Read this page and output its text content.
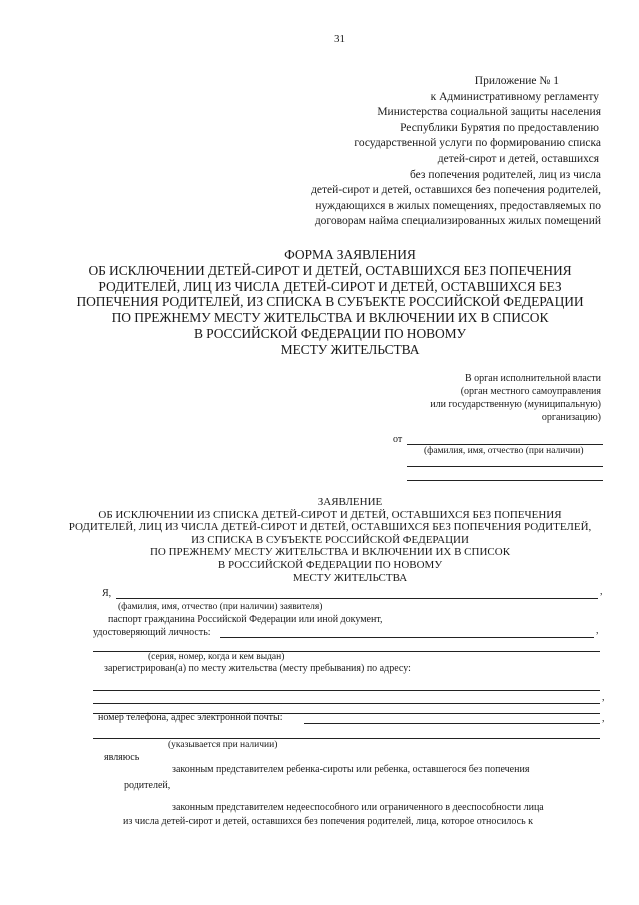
31
Приложение № 1
к Административному регламенту
Министерства социальной защиты населения
Республики Бурятия по предоставлению
государственной услуги по формированию списка
детей-сирот и детей, оставшихся
без попечения родителей, лиц из числа
детей-сирот и детей, оставшихся без попечения родителей,
нуждающихся в жилых помещениях, предоставляемых по
договорам найма специализированных жилых помещений
ФОРМА ЗАЯВЛЕНИЯ
ОБ ИСКЛЮЧЕНИИ ДЕТЕЙ-СИРОТ И ДЕТЕЙ, ОСТАВШИХСЯ БЕЗ ПОПЕЧЕНИЯ
РОДИТЕЛЕЙ, ЛИЦ ИЗ ЧИСЛА ДЕТЕЙ-СИРОТ И ДЕТЕЙ, ОСТАВШИХСЯ БЕЗ
ПОПЕЧЕНИЯ РОДИТЕЛЕЙ, ИЗ СПИСКА В СУБЪЕКТЕ РОССИЙСКОЙ ФЕДЕРАЦИИ
ПО ПРЕЖНЕМУ МЕСТУ ЖИТЕЛЬСТВА И ВКЛЮЧЕНИИ ИХ В СПИСОК
В РОССИЙСКОЙ ФЕДЕРАЦИИ ПО НОВОМУ
МЕСТУ ЖИТЕЛЬСТВА
В орган исполнительной власти
(орган местного самоуправления
или государственную (муниципальную)
организацию)
от
(фамилия, имя, отчество (при наличии)
ЗАЯВЛЕНИЕ
ОБ ИСКЛЮЧЕНИИ ИЗ СПИСКА ДЕТЕЙ-СИРОТ И ДЕТЕЙ, ОСТАВШИХСЯ БЕЗ ПОПЕЧЕНИЯ
РОДИТЕЛЕЙ, ЛИЦ ИЗ ЧИСЛА ДЕТЕЙ-СИРОТ И ДЕТЕЙ, ОСТАВШИХСЯ БЕЗ ПОПЕЧЕНИЯ РОДИТЕЛЕЙ,
ИЗ СПИСКА В СУБЪЕКТЕ РОССИЙСКОЙ ФЕДЕРАЦИИ
ПО ПРЕЖНЕМУ МЕСТУ ЖИТЕЛЬСТВА И ВКЛЮЧЕНИИ ИХ В СПИСОК
В РОССИЙСКОЙ ФЕДЕРАЦИИ ПО НОВОМУ
МЕСТУ ЖИТЕЛЬСТВА
Я,	,
(фамилия, имя, отчество (при наличии) заявителя)
паспорт гражданина Российской Федерации или иной документ,
удостоверяющий личность:	,
(серия, номер, когда и кем выдан)
зарегистрирован(а) по месту жительства (месту пребывания) по адресу:
,
номер телефона, адрес электронной почты:	,
(указывается при наличии)
являюсь
законным представителем ребенка-сироты или ребенка, оставшегося без попечения
родителей,
законным представителем недееспособного или ограниченного в дееспособности лица
из числа детей-сирот и детей, оставшихся без попечения родителей, лица, которое относилось к
